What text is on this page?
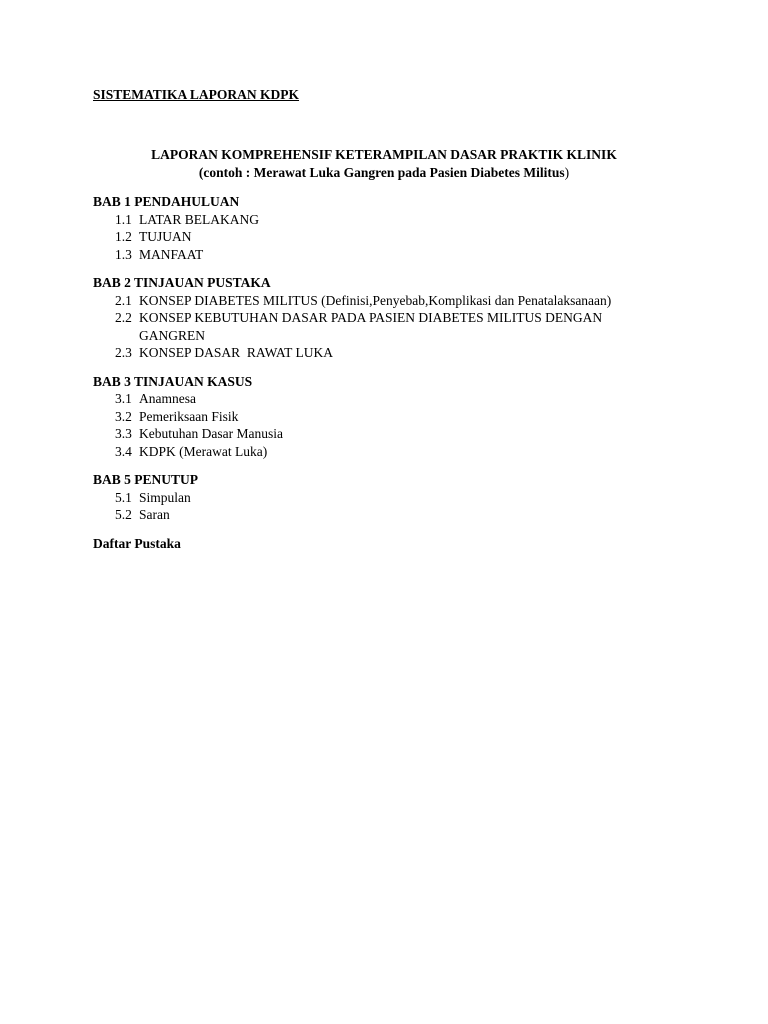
SISTEMATIKA LAPORAN KDPK
LAPORAN KOMPREHENSIF KETERAMPILAN DASAR PRAKTIK KLINIK
(contoh : Merawat Luka Gangren pada Pasien Diabetes Militus)
BAB 1 PENDAHULUAN
1.1 LATAR BELAKANG
1.2 TUJUAN
1.3 MANFAAT
BAB 2 TINJAUAN PUSTAKA
2.1 KONSEP DIABETES MILITUS (Definisi,Penyebab,Komplikasi dan Penatalaksanaan)
2.2 KONSEP KEBUTUHAN DASAR PADA PASIEN DIABETES MILITUS DENGAN GANGREN
2.3 KONSEP DASAR  RAWAT LUKA
BAB 3 TINJAUAN KASUS
3.1 Anamnesa
3.2 Pemeriksaan Fisik
3.3 Kebutuhan Dasar Manusia
3.4 KDPK (Merawat Luka)
BAB 5 PENUTUP
5.1 Simpulan
5.2 Saran
Daftar Pustaka
